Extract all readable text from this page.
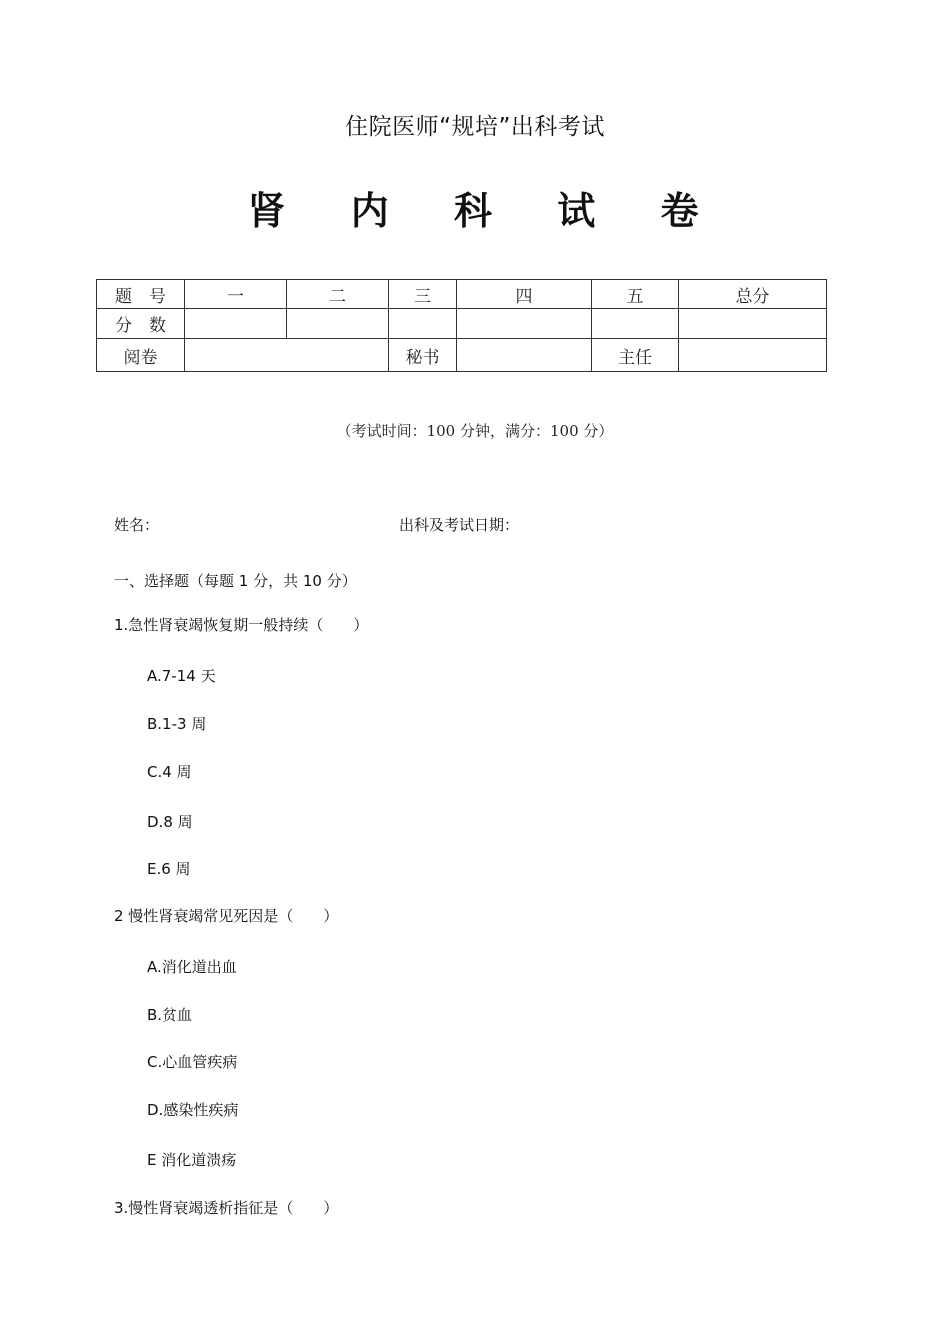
住院医师“规培”出科考试
肾 内 科 试 卷
题　号	一	二	三	四	五	总分
分　数						
阅卷			秘书		主任	
（考试时间：100 分钟，满分：100 分）
姓名：	出科及考试日期：
一、选择题（每题 1 分，共 10 分）
1.急性肾衰竭恢复期一般持续（　　）
A.7-14 天
B.1-3 周
C.4 周
D.8 周
E.6 周
2 慢性肾衰竭常见死因是（　　）
A.消化道出血
B.贫血
C.心血管疾病
D.感染性疾病
E 消化道溃疡
3.慢性肾衰竭透析指征是（　　）
